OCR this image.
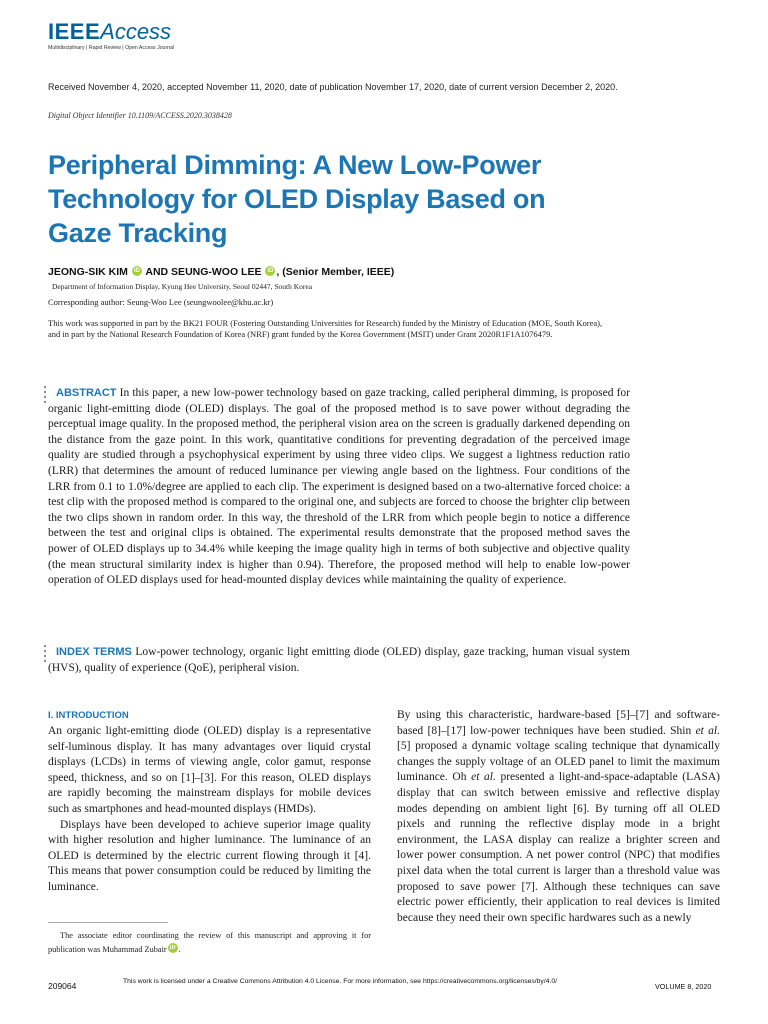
IEEEAccess
Multidisciplinary | Rapid Review | Open Access Journal
Received November 4, 2020, accepted November 11, 2020, date of publication November 17, 2020, date of current version December 2, 2020.
Digital Object Identifier 10.1109/ACCESS.2020.3038428
Peripheral Dimming: A New Low-Power Technology for OLED Display Based on Gaze Tracking
JEONG-SIK KIM iD AND SEUNG-WOO LEE iD , (Senior Member, IEEE)
Department of Information Display, Kyung Hee University, Seoul 02447, South Korea
Corresponding author: Seung-Woo Lee (seungwoolee@khu.ac.kr)
This work was supported in part by the BK21 FOUR (Fostering Outstanding Universities for Research) funded by the Ministry of Education (MOE, South Korea), and in part by the National Research Foundation of Korea (NRF) grant funded by the Korea Government (MSIT) under Grant 2020R1F1A1076479.
ABSTRACT In this paper, a new low-power technology based on gaze tracking, called peripheral dimming, is proposed for organic light-emitting diode (OLED) displays. The goal of the proposed method is to save power without degrading the perceptual image quality. In the proposed method, the peripheral vision area on the screen is gradually darkened depending on the distance from the gaze point. In this work, quantitative conditions for preventing degradation of the perceived image quality are studied through a psychophysical experiment by using three video clips. We suggest a lightness reduction ratio (LRR) that determines the amount of reduced luminance per viewing angle based on the lightness. Four conditions of the LRR from 0.1 to 1.0%/degree are applied to each clip. The experiment is designed based on a two-alternative forced choice: a test clip with the proposed method is compared to the original one, and subjects are forced to choose the brighter clip between the two clips shown in random order. In this way, the threshold of the LRR from which people begin to notice a difference between the test and original clips is obtained. The experimental results demonstrate that the proposed method saves the power of OLED displays up to 34.4% while keeping the image quality high in terms of both subjective and objective quality (the mean structural similarity index is higher than 0.94). Therefore, the proposed method will help to enable low-power operation of OLED displays used for head-mounted display devices while maintaining the quality of experience.
INDEX TERMS Low-power technology, organic light emitting diode (OLED) display, gaze tracking, human visual system (HVS), quality of experience (QoE), peripheral vision.
I. INTRODUCTION
An organic light-emitting diode (OLED) display is a representative self-luminous display. It has many advantages over liquid crystal displays (LCDs) in terms of viewing angle, color gamut, response speed, thickness, and so on [1]–[3]. For this reason, OLED displays are rapidly becoming the mainstream displays for mobile devices such as smartphones and head-mounted displays (HMDs).
Displays have been developed to achieve superior image quality with higher resolution and higher luminance. The luminance of an OLED is determined by the electric current flowing through it [4]. This means that power consumption could be reduced by limiting the luminance.
By using this characteristic, hardware-based [5]–[7] and software-based [8]–[17] low-power techniques have been studied. Shin et al. [5] proposed a dynamic voltage scaling technique that dynamically changes the supply voltage of an OLED panel to limit the maximum luminance. Oh et al. presented a light-and-space-adaptable (LASA) display that can switch between emissive and reflective display modes depending on ambient light [6]. By turning off all OLED pixels and running the reflective display mode in a bright environment, the LASA display can realize a brighter screen and lower power consumption. A net power control (NPC) that modifies pixel data when the total current is larger than a threshold value was proposed to save power [7]. Although these techniques can save electric power efficiently, their application to real devices is limited because they need their own specific hardwares such as a newly
The associate editor coordinating the review of this manuscript and approving it for publication was Muhammad Zubair iD .
209064	This work is licensed under a Creative Commons Attribution 4.0 License. For more information, see https://creativecommons.org/licenses/by/4.0/
VOLUME 8, 2020
